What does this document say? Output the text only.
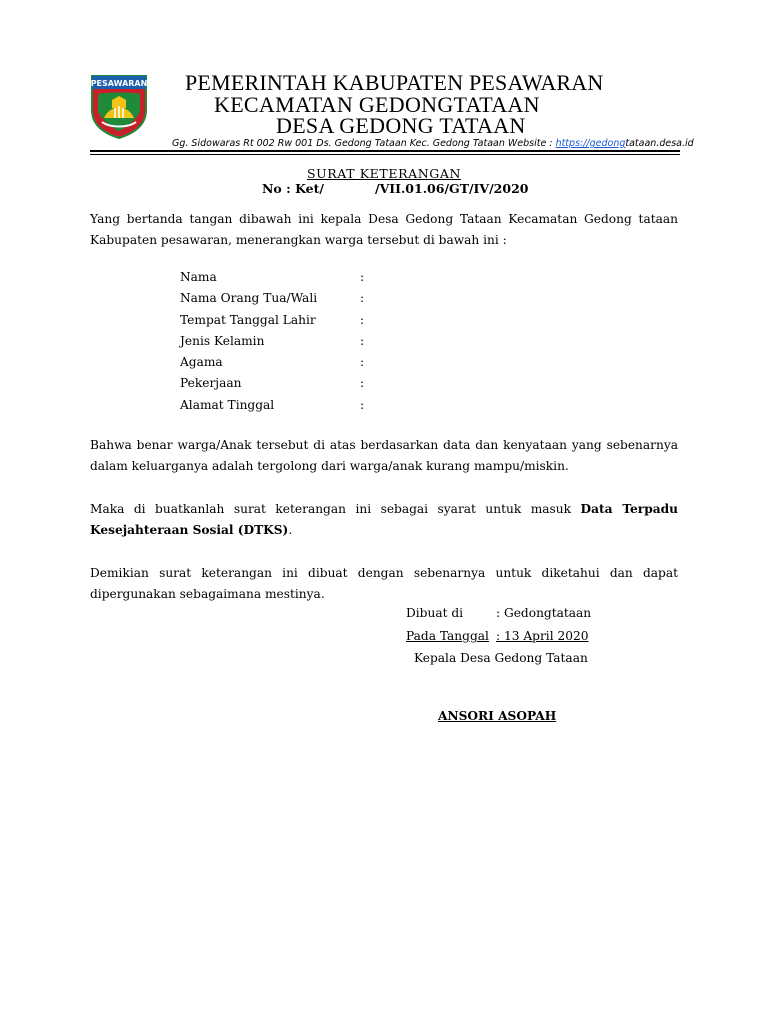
PESAWARAN PEMERINTAH KABUPATEN PESAWARAN
KECAMATAN GEDONGTATAAN
DESA GEDONG TATAAN
Gg. Sidowaras Rt 002 Rw 001 Ds. Gedong Tataan Kec. Gedong Tataan Website : https://gedongtataan.desa.id
SURAT KETERANGAN
No : Ket/	/VII.01.06/GT/IV/2020
Yang bertanda tangan dibawah ini kepala Desa Gedong Tataan Kecamatan Gedong tataan Kabupaten pesawaran, menerangkan warga tersebut di bawah ini :
Nama	:
Nama Orang Tua/Wali	:
Tempat Tanggal Lahir	:
Jenis Kelamin	:
Agama	:
Pekerjaan	:
Alamat Tinggal	:
Bahwa benar warga/Anak tersebut di atas berdasarkan data dan kenyataan yang sebenarnya dalam keluarganya adalah tergolong dari warga/anak kurang mampu/miskin.
Maka di buatkanlah surat keterangan ini sebagai syarat untuk masuk Data Terpadu Kesejahteraan Sosial (DTKS).
Demikian surat keterangan ini dibuat dengan sebenarnya untuk diketahui dan dapat dipergunakan sebagaimana mestinya.
Dibuat di	: Gedongtataan
Pada Tanggal : 13 April 2020
Kepala Desa Gedong Tataan
ANSORI ASOPAH
